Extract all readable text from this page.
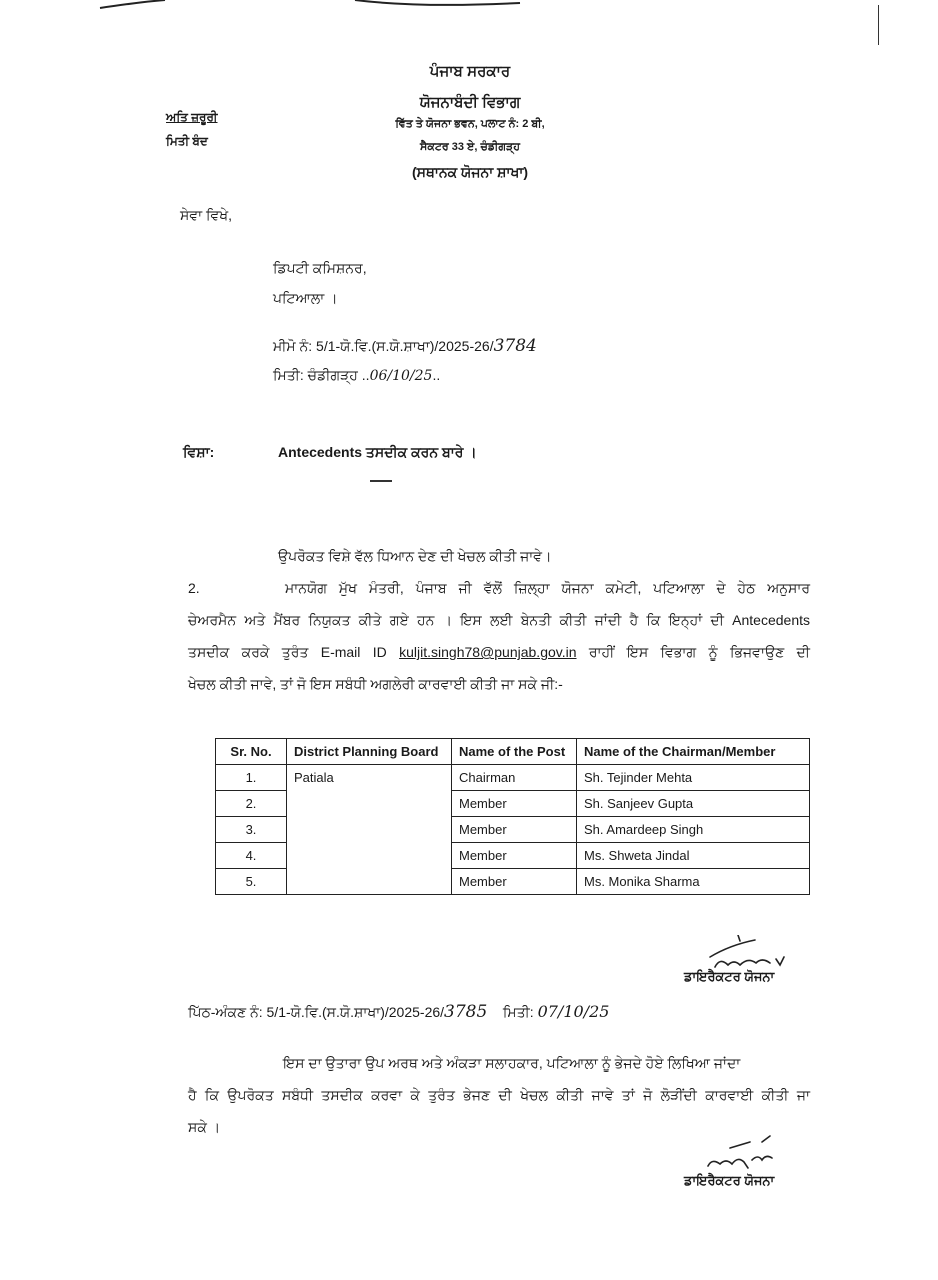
ਪੰਜਾਬ ਸਰਕਾਰ
ਯੋਜਨਾਬੰਦੀ ਵਿਭਾਗ
ਵਿੱਤ ਤੇ ਯੋਜਨਾ ਭਵਨ, ਪਲਾਟ ਨੰ: 2 ਬੀ,
ਸੈਕਟਰ 33 ਏ, ਚੰਡੀਗੜ੍ਹ
(ਸਥਾਨਕ ਯੋਜਨਾ ਸ਼ਾਖਾ)
ਅਤਿ ਜ਼ਰੂਰੀ
ਮਿਤੀ ਬੰਦ
ਸੇਵਾ ਵਿਖੇ,
ਡਿਪਟੀ ਕਮਿਸ਼ਨਰ,
ਪਟਿਆਲਾ ।
ਮੀਮੋ ਨੰ: 5/1-ਯੋ.ਵਿ.(ਸ.ਯੋ.ਸ਼ਾਖਾ)/2025-26/3784
ਮਿਤੀ: ਚੰਡੀਗੜ੍ਹ ..06/10/25..
ਵਿਸ਼ਾ:	Antecedents ਤਸਦੀਕ ਕਰਨ ਬਾਰੇ ।
ਉਪਰੋਕਤ ਵਿਸ਼ੇ ਵੱਲ ਧਿਆਨ ਦੇਣ ਦੀ ਖੇਚਲ ਕੀਤੀ ਜਾਵੇ।
2.	ਮਾਨਯੋਗ ਮੁੱਖ ਮੰਤਰੀ, ਪੰਜਾਬ ਜੀ ਵੱਲੋਂ ਜ਼ਿਲ੍ਹਾ ਯੋਜਨਾ ਕਮੇਟੀ, ਪਟਿਆਲਾ ਦੇ ਹੇਠ ਅਨੁਸਾਰ
ਚੇਅਰਮੈਨ ਅਤੇ ਮੈਂਬਰ ਨਿਯੁਕਤ ਕੀਤੇ ਗਏ ਹਨ । ਇਸ ਲਈ ਬੇਨਤੀ ਕੀਤੀ ਜਾਂਦੀ ਹੈ ਕਿ ਇਨ੍ਹਾਂ ਦੀ Antecedents
ਤਸਦੀਕ ਕਰਕੇ ਤੁਰੰਤ E-mail ID kuljit.singh78@punjab.gov.in ਰਾਹੀਂ ਇਸ ਵਿਭਾਗ ਨੂੰ ਭਿਜਵਾਉਣ ਦੀ
ਖੇਚਲ ਕੀਤੀ ਜਾਵੇ, ਤਾਂ ਜੋ ਇਸ ਸਬੰਧੀ ਅਗਲੇਰੀ ਕਾਰਵਾਈ ਕੀਤੀ ਜਾ ਸਕੇ ਜੀ:-
Sr. No.	District Planning Board	Name of the Post	Name of the Chairman/Member
1.	Patiala	Chairman	Sh. Tejinder Mehta
2.		Member	Sh. Sanjeev Gupta
3.		Member	Sh. Amardeep Singh
4.		Member	Ms. Shweta Jindal
5.		Member	Ms. Monika Sharma
ਡਾਇਰੈਕਟਰ ਯੋਜਨਾ
ਪਿੱਠ-ਅੰਕਣ ਨੰ: 5/1-ਯੋ.ਵਿ.(ਸ.ਯੋ.ਸ਼ਾਖਾ)/2025-26/3785 ਮਿਤੀ: 07/10/25
ਇਸ ਦਾ ਉਤਾਰਾ ਉਪ ਅਰਥ ਅਤੇ ਅੰਕੜਾ ਸਲਾਹਕਾਰ, ਪਟਿਆਲਾ ਨੂੰ ਭੇਜਦੇ ਹੋਏ ਲਿਖਿਆ ਜਾਂਦਾ
ਹੈ ਕਿ ਉਪਰੋਕਤ ਸਬੰਧੀ ਤਸਦੀਕ ਕਰਵਾ ਕੇ ਤੁਰੰਤ ਭੇਜਣ ਦੀ ਖੇਚਲ ਕੀਤੀ ਜਾਵੇ ਤਾਂ ਜੋ ਲੋੜੀਂਦੀ ਕਾਰਵਾਈ ਕੀਤੀ ਜਾ
ਸਕੇ ।
ਡਾਇਰੈਕਟਰ ਯੋਜਨਾ
